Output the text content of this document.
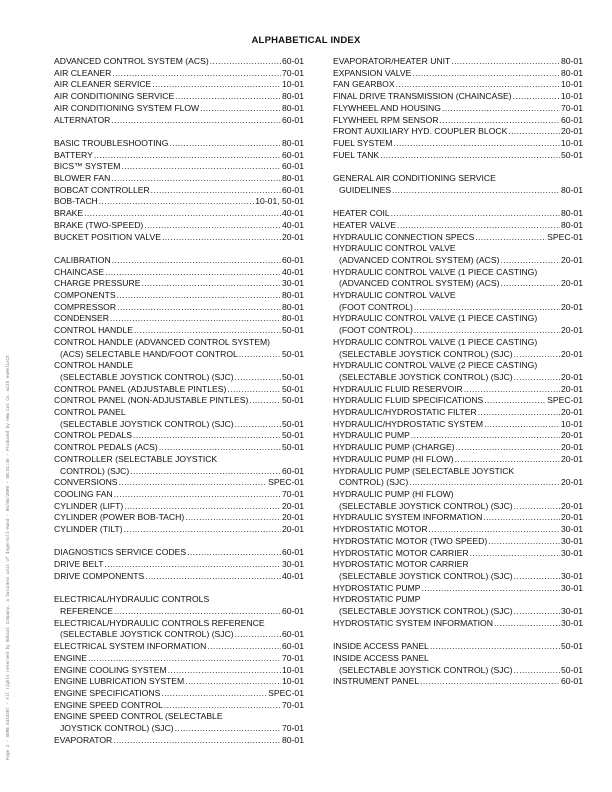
ALPHABETICAL INDEX
ADVANCED CONTROL SYSTEM (ACS) .....	60-01
AIR CLEANER .....	70-01
AIR CLEANER SERVICE .....	10-01
AIR CONDITIONING SERVICE .....	80-01
AIR CONDITIONING SYSTEM FLOW .....	80-01
ALTERNATOR .....	60-01
BASIC TROUBLESHOOTING .....	80-01
BATTERY .....	60-01
BICS™ SYSTEM .....	60-01
BLOWER FAN .....	80-01
BOBCAT CONTROLLER .....	60-01
BOB-TACH .....	10-01, 50-01
BRAKE .....	40-01
BRAKE (TWO-SPEED) .....	40-01
BUCKET POSITION VALVE .....	20-01
CALIBRATION .....	60-01
CHAINCASE .....	40-01
CHARGE PRESSURE .....	30-01
COMPONENTS .....	80-01
COMPRESSOR .....	80-01
CONDENSER .....	80-01
CONTROL HANDLE .....	50-01
CONTROL HANDLE (ADVANCED CONTROL SYSTEM)
(ACS) SELECTABLE HAND/FOOT CONTROL .....	50-01
CONTROL HANDLE
(SELECTABLE JOYSTICK CONTROL) (SJC) .....	50-01
CONTROL PANEL (ADJUSTABLE PINTLES) .....	50-01
CONTROL PANEL (NON-ADJUSTABLE PINTLES) .....	50-01
CONTROL PANEL
(SELECTABLE JOYSTICK CONTROL) (SJC) .....	50-01
CONTROL PEDALS .....	50-01
CONTROL PEDALS (ACS) .....	50-01
CONTROLLER (SELECTABLE JOYSTICK
CONTROL) (SJC) .....	60-01
CONVERSIONS .....	SPEC-01
COOLING FAN .....	70-01
CYLINDER (LIFT) .....	20-01
CYLINDER (POWER BOB-TACH) .....	20-01
CYLINDER (TILT) .....	20-01
DIAGNOSTICS SERVICE CODES .....	60-01
DRIVE BELT .....	30-01
DRIVE COMPONENTS .....	40-01
ELECTRICAL/HYDRAULIC CONTROLS
REFERENCE .....	60-01
ELECTRICAL/HYDRAULIC CONTROLS REFERENCE
(SELECTABLE JOYSTICK CONTROL) (SJC) .....	60-01
ELECTRICAL SYSTEM INFORMATION .....	60-01
ENGINE .....	70-01
ENGINE COOLING SYSTEM .....	10-01
ENGINE LUBRICATION SYSTEM .....	10-01
ENGINE SPECIFICATIONS .....	SPEC-01
ENGINE SPEED CONTROL .....	70-01
ENGINE SPEED CONTROL (SELECTABLE
JOYSTICK CONTROL) (SJC) .....	70-01
EVAPORATOR .....	80-01
EVAPORATOR/HEATER UNIT .....	80-01
EXPANSION VALVE .....	80-01
FAN GEARBOX .....	10-01
FINAL DRIVE TRANSMISSION (CHAINCASE) .....	10-01
FLYWHEEL AND HOUSING .....	70-01
FLYWHEEL RPM SENSOR .....	60-01
FRONT AUXILIARY HYD. COUPLER BLOCK .....	20-01
FUEL SYSTEM .....	10-01
FUEL TANK .....	50-01
GENERAL AIR CONDITIONING SERVICE
GUIDELINES .....	80-01
HEATER COIL .....	80-01
HEATER VALVE .....	80-01
HYDRAULIC CONNECTION SPECS .....	SPEC-01
HYDRAULIC CONTROL VALVE
(ADVANCED CONTROL SYSTEM) (ACS) .....	20-01
HYDRAULIC CONTROL VALVE (1 PIECE CASTING)
(ADVANCED CONTROL SYSTEM) (ACS) .....	20-01
HYDRAULIC CONTROL VALVE
(FOOT CONTROL) .....	20-01
HYDRAULIC CONTROL VALVE (1 PIECE CASTING)
(FOOT CONTROL) .....	20-01
HYDRAULIC CONTROL VALVE (1 PIECE CASTING)
(SELECTABLE JOYSTICK CONTROL) (SJC) .....	20-01
HYDRAULIC CONTROL VALVE (2 PIECE CASTING)
(SELECTABLE JOYSTICK CONTROL) (SJC) .....	20-01
HYDRAULIC FLUID RESERVOIR .....	20-01
HYDRAULIC FLUID SPECIFICATIONS .....	SPEC-01
HYDRAULIC/HYDROSTATIC FILTER .....	20-01
HYDRAULIC/HYDROSTATIC SYSTEM .....	10-01
HYDRAULIC PUMP .....	20-01
HYDRAULIC PUMP (CHARGE) .....	20-01
HYDRAULIC PUMP (HI FLOW) .....	20-01
HYDRAULIC PUMP (SELECTABLE JOYSTICK
CONTROL) (SJC) .....	20-01
HYDRAULIC PUMP (HI FLOW)
(SELECTABLE JOYSTICK CONTROL) (SJC) .....	20-01
HYDRAULIC SYSTEM INFORMATION .....	20-01
HYDROSTATIC MOTOR .....	30-01
HYDROSTATIC MOTOR (TWO SPEED) .....	30-01
HYDROSTATIC MOTOR CARRIER .....	30-01
HYDROSTATIC MOTOR CARRIER
(SELECTABLE JOYSTICK CONTROL) (SJC) .....	30-01
HYDROSTATIC PUMP .....	30-01
HYDROSTATIC PUMP
(SELECTABLE JOYSTICK CONTROL) (SJC) .....	30-01
HYDROSTATIC SYSTEM INFORMATION .....	30-01
INSIDE ACCESS PANEL .....	50-01
INSIDE ACCESS PANEL
(SELECTABLE JOYSTICK CONTROL) (SJC) .....	50-01
INSTRUMENT PANEL .....	60-01
Page 3 - SERB 6343307 - All rights reserved by Bobcat Company, a business unit of Ingersoll-Rand - 05/05/2009 - 08:51:45 - Produced by New Cat Co. with exHelixCS
